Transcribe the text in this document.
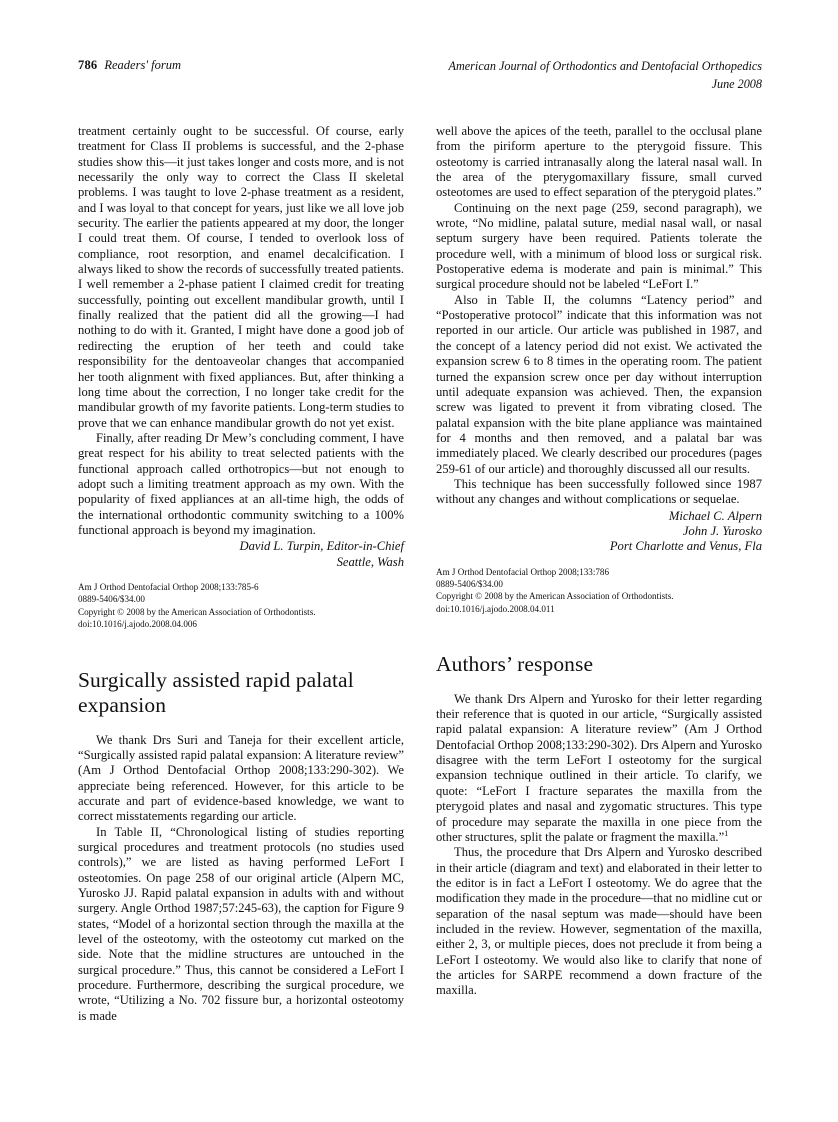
786 Readers' forum	American Journal of Orthodontics and Dentofacial Orthopedics
June 2008

treatment certainly ought to be successful. Of course, early treatment for Class II problems is successful, and the 2-phase studies show this—it just takes longer and costs more, and is not necessarily the only way to correct the Class II skeletal problems. I was taught to love 2-phase treatment as a resident, and I was loyal to that concept for years, just like we all love job security. The earlier the patients appeared at my door, the longer I could treat them. Of course, I tended to overlook loss of compliance, root resorption, and enamel decalcification. I always liked to show the records of successfully treated patients. I well remember a 2-phase patient I claimed credit for treating successfully, pointing out excellent mandibular growth, until I finally realized that the patient did all the growing—I had nothing to do with it. Granted, I might have done a good job of redirecting the eruption of her teeth and could take responsibility for the dentoaveolar changes that accompanied her tooth alignment with fixed appliances. But, after thinking a long time about the correction, I no longer take credit for the mandibular growth of my favorite patients. Long-term studies to prove that we can enhance mandibular growth do not yet exist.

Finally, after reading Dr Mew’s concluding comment, I have great respect for his ability to treat selected patients with the functional approach called orthotropics—but not enough to adopt such a limiting treatment approach as my own. With the popularity of fixed appliances at an all-time high, the odds of the international orthodontic community switching to a 100% functional approach is beyond my imagination.

David L. Turpin, Editor-in-Chief
Seattle, Wash
Am J Orthod Dentofacial Orthop 2008;133:785-6
0889-5406/$34.00
Copyright © 2008 by the American Association of Orthodontists.
doi:10.1016/j.ajodo.2008.04.006
Surgically assisted rapid palatal expansion

We thank Drs Suri and Taneja for their excellent article, “Surgically assisted rapid palatal expansion: A literature review” (Am J Orthod Dentofacial Orthop 2008;133:290-302). We appreciate being referenced. However, for this article to be accurate and part of evidence-based knowledge, we want to correct misstatements regarding our article.

In Table II, “Chronological listing of studies reporting surgical procedures and treatment protocols (no studies used controls),” we are listed as having performed LeFort I osteotomies. On page 258 of our original article (Alpern MC, Yurosko JJ. Rapid palatal expansion in adults with and without surgery. Angle Orthod 1987;57:245-63), the caption for Figure 9 states, “Model of a horizontal section through the maxilla at the level of the osteotomy, with the osteotomy cut marked on the side. Note that the midline structures are untouched in the surgical procedure.” Thus, this cannot be considered a LeFort I procedure. Furthermore, describing the surgical procedure, we wrote, “Utilizing a No. 702 fissure bur, a horizontal osteotomy is made

well above the apices of the teeth, parallel to the occlusal plane from the piriform aperture to the pterygoid fissure. This osteotomy is carried intranasally along the lateral nasal wall. In the area of the pterygomaxillary fissure, small curved osteotomes are used to effect separation of the pterygoid plates.”

Continuing on the next page (259, second paragraph), we wrote, “No midline, palatal suture, medial nasal wall, or nasal septum surgery have been required. Patients tolerate the procedure well, with a minimum of blood loss or surgical risk. Postoperative edema is moderate and pain is minimal.” This surgical procedure should not be labeled “LeFort I.”

Also in Table II, the columns “Latency period” and “Postoperative protocol” indicate that this information was not reported in our article. Our article was published in 1987, and the concept of a latency period did not exist. We activated the expansion screw 6 to 8 times in the operating room. The patient turned the expansion screw once per day without interruption until adequate expansion was achieved. Then, the expansion screw was ligated to prevent it from vibrating closed. The palatal expansion with the bite plane appliance was maintained for 4 months and then removed, and a palatal bar was immediately placed. We clearly described our procedures (pages 259-61 of our article) and thoroughly discussed all our results.

This technique has been successfully followed since 1987 without any changes and without complications or sequelae.

Michael C. Alpern
John J. Yurosko
Port Charlotte and Venus, Fla
Am J Orthod Dentofacial Orthop 2008;133:786
0889-5406/$34.00
Copyright © 2008 by the American Association of Orthodontists.
doi:10.1016/j.ajodo.2008.04.011
Authors’ response

We thank Drs Alpern and Yurosko for their letter regarding their reference that is quoted in our article, “Surgically assisted rapid palatal expansion: A literature review” (Am J Orthod Dentofacial Orthop 2008;133:290-302). Drs Alpern and Yurosko disagree with the term LeFort I osteotomy for the surgical expansion technique outlined in their article. To clarify, we quote: “LeFort I fracture separates the maxilla from the pterygoid plates and nasal and zygomatic structures. This type of procedure may separate the maxilla in one piece from the other structures, split the palate or fragment the maxilla.”$^1$

Thus, the procedure that Drs Alpern and Yurosko described in their article (diagram and text) and elaborated in their letter to the editor is in fact a LeFort I osteotomy. We do agree that the modification they made in the procedure—that no midline cut or separation of the nasal septum was made—should have been included in the review. However, segmentation of the maxilla, either 2, 3, or multiple pieces, does not preclude it from being a LeFort I osteotomy. We would also like to clarify that none of the articles for SARPE recommend a down fracture of the maxilla.
